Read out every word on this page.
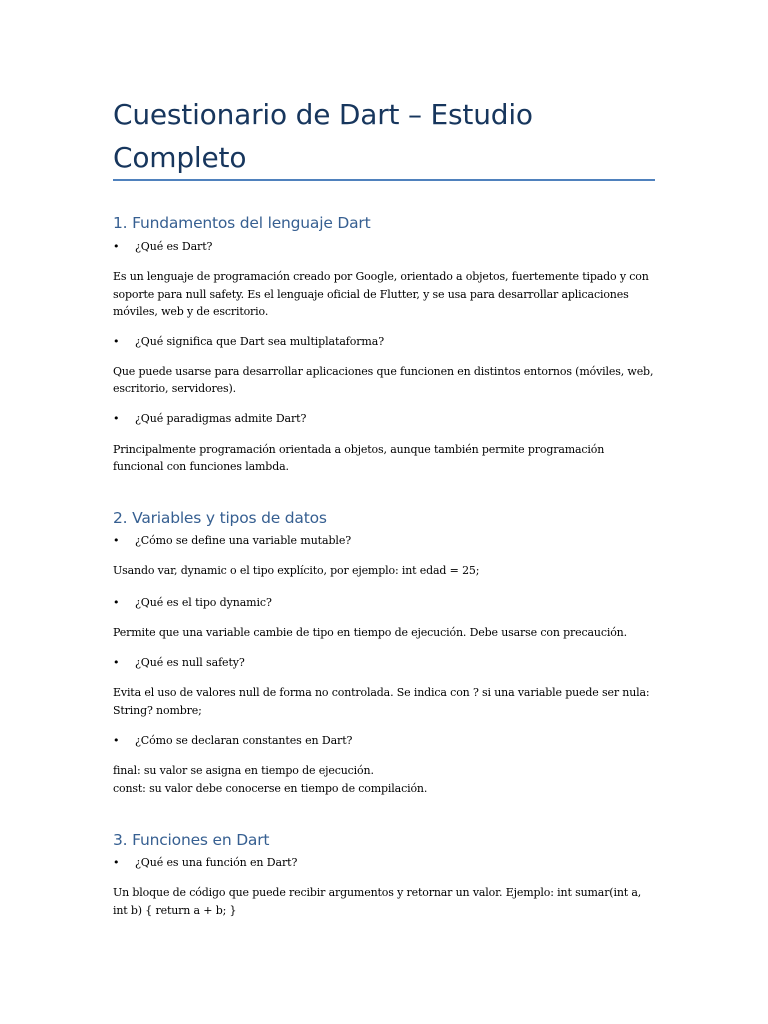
Cuestionario de Dart – Estudio Completo
1. Fundamentos del lenguaje Dart
• ¿Qué es Dart?

Es un lenguaje de programación creado por Google, orientado a objetos, fuertemente tipado y con soporte para null safety. Es el lenguaje oficial de Flutter, y se usa para desarrollar aplicaciones móviles, web y de escritorio.

• ¿Qué significa que Dart sea multiplataforma?

Que puede usarse para desarrollar aplicaciones que funcionen en distintos entornos (móviles, web, escritorio, servidores).

• ¿Qué paradigmas admite Dart?

Principalmente programación orientada a objetos, aunque también permite programación funcional con funciones lambda.

2. Variables y tipos de datos
• ¿Cómo se define una variable mutable?

Usando var, dynamic o el tipo explícito, por ejemplo: int edad = 25;

• ¿Qué es el tipo dynamic?

Permite que una variable cambie de tipo en tiempo de ejecución. Debe usarse con precaución.

• ¿Qué es null safety?

Evita el uso de valores null de forma no controlada. Se indica con ? si una variable puede ser nula: String? nombre;

• ¿Cómo se declaran constantes en Dart?

final: su valor se asigna en tiempo de ejecución.
const: su valor debe conocerse en tiempo de compilación.

3. Funciones en Dart
• ¿Qué es una función en Dart?

Un bloque de código que puede recibir argumentos y retornar un valor. Ejemplo: int sumar(int a, int b) { return a + b; }
